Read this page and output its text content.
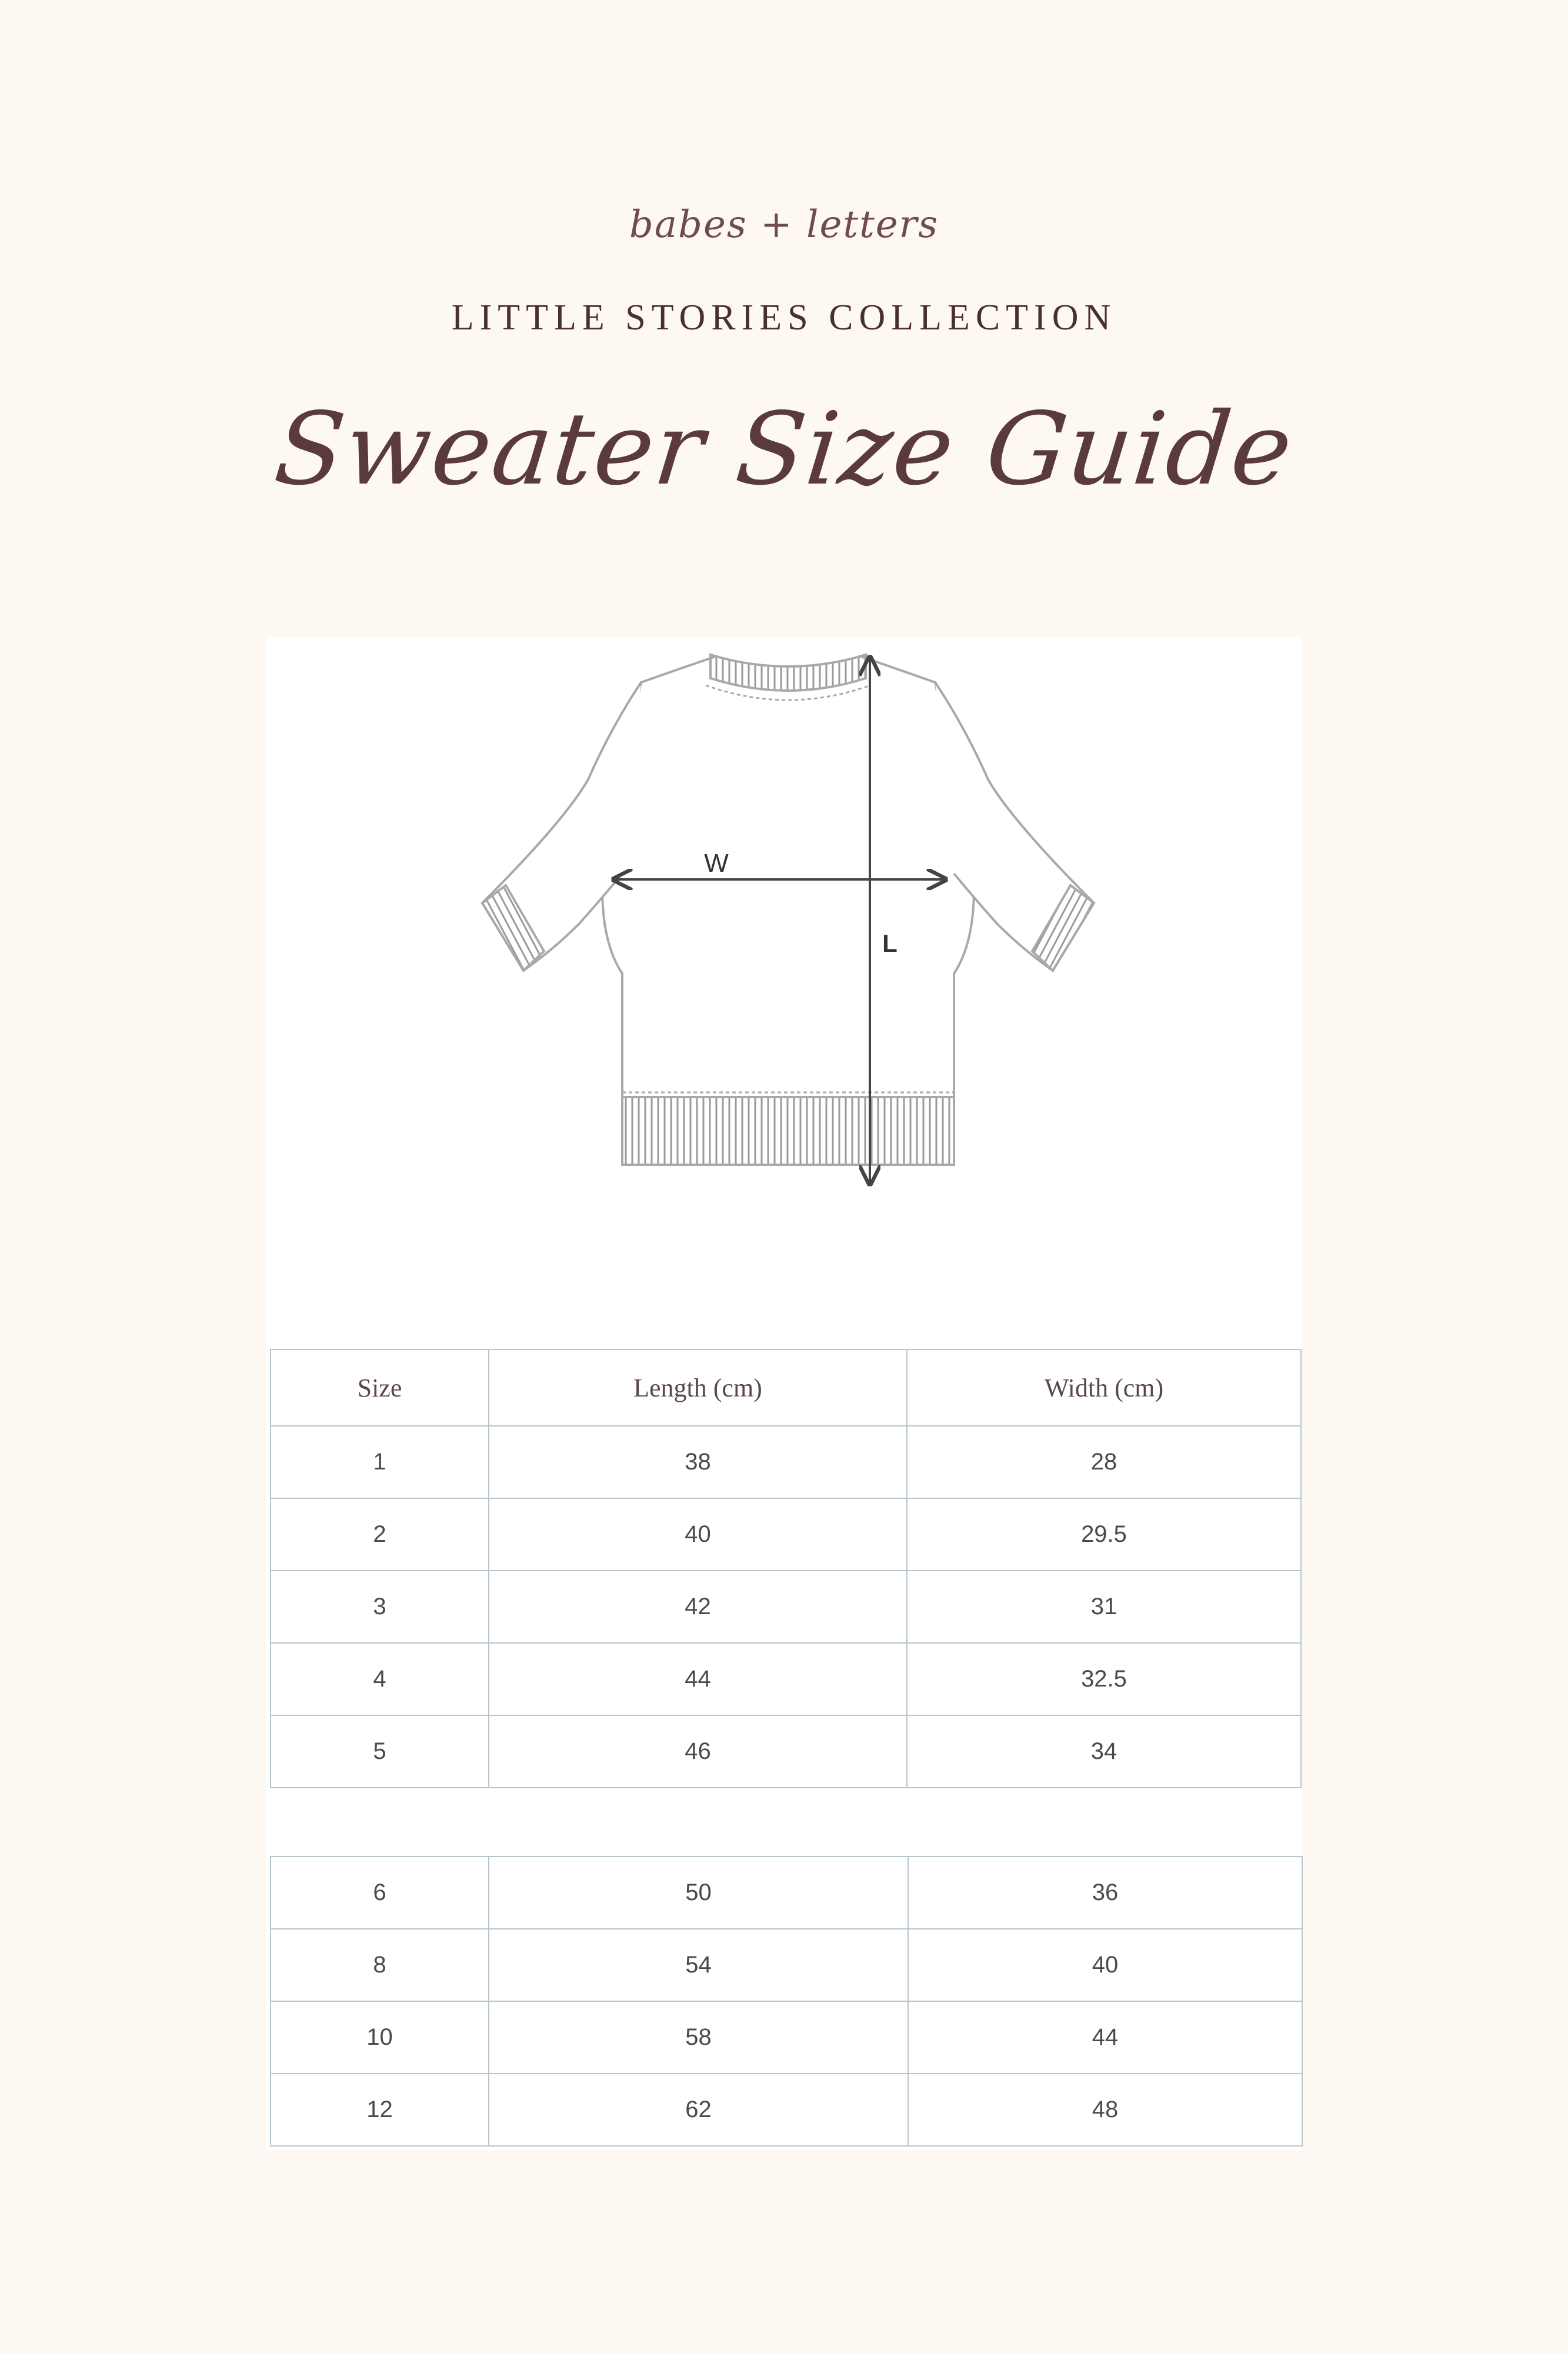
babes + letters
LITTLE STORIES COLLECTION
Sweater Size Guide
W
L
Size	Length (cm)	Width (cm)
1	38	28
2	40	29.5
3	42	31
4	44	32.5
5	46	34
6	50	36
8	54	40
10	58	44
12	62	48
